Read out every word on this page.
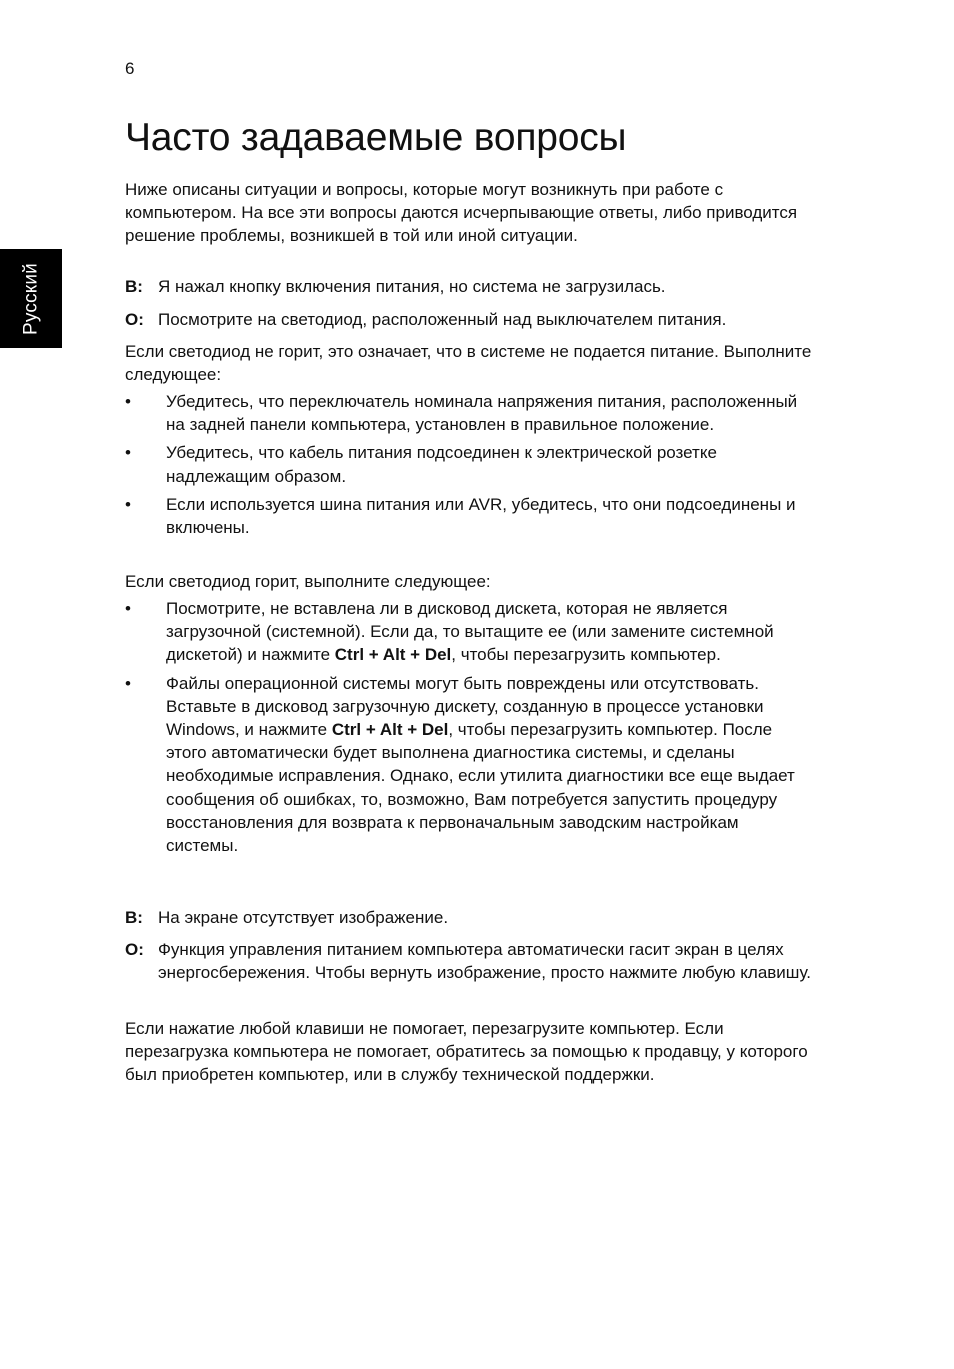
6
Русский
Часто задаваемые вопросы

Ниже описаны ситуации и вопросы, которые могут возникнуть при работе с компьютером. На все эти вопросы даются исчерпывающие ответы, либо приводится решение проблемы, возникшей в той или иной ситуации.

В: Я нажал кнопку включения питания, но система не загрузилась.
О: Посмотрите на светодиод, расположенный над выключателем питания.

Если светодиод не горит, это означает, что в системе не подается питание. Выполните следующее:

• Убедитесь, что переключатель номинала напряжения питания, расположенный на задней панели компьютера, установлен в правильное положение.
• Убедитесь, что кабель питания подсоединен к электрической розетке надлежащим образом.
• Если используется шина питания или AVR, убедитесь, что они подсоединены и включены.

Если светодиод горит, выполните следующее:

• Посмотрите, не вставлена ли в дисковод дискета, которая не является загрузочной (системной). Если да, то вытащите ее (или замените системной дискетой) и нажмите Ctrl + Alt + Del, чтобы перезагрузить компьютер.
• Файлы операционной системы могут быть повреждены или отсутствовать. Вставьте в дисковод загрузочную дискету, созданную в процессе установки Windows, и нажмите Ctrl + Alt + Del, чтобы перезагрузить компьютер. После этого автоматически будет выполнена диагностика системы, и сделаны необходимые исправления. Однако, если утилита диагностики все еще выдает сообщения об ошибках, то, возможно, Вам потребуется запустить процедуру восстановления для возврата к первоначальным заводским настройкам системы.
В: На экране отсутствует изображение.
О: Функция управления питанием компьютера автоматически гасит экран в целях энергосбережения. Чтобы вернуть изображение, просто нажмите любую клавишу.

Если нажатие любой клавиши не помогает, перезагрузите компьютер. Если перезагрузка компьютера не помогает, обратитесь за помощью к продавцу, у которого был приобретен компьютер, или в службу технической поддержки.
